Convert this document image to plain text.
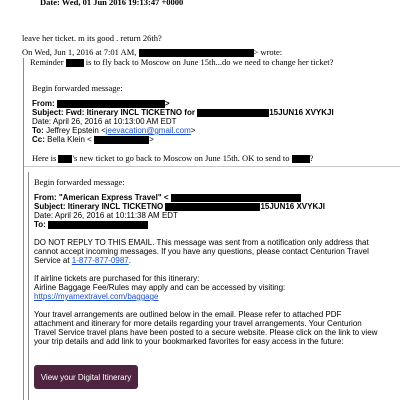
Date: Wed, 01 Jun 2016 19:13:47 +0000
leave her ticket. m its good . return 26th?
On Wed, Jun 1, 2016 at 7:01 AM,	> wrote:
Reminder	is to fly back to Moscow on June 15th...do we need to change her ticket?
Begin forwarded message:
From:	>
Subject: Fwd: Itinerary INCL TICKETNO for	15JUN16 XVYKJI
Date: April 26, 2016 at 10:13:00 AM EDT
To: Jeffrey Epstein <jeevacation@gmail.com>
Cc: Bella Klein <	>
Here is 's new ticket to go back to Moscow on June 15th. OK to send to ?
Begin forwarded message:
From: "American Express Travel" <
Subject: Itinerary INCL TICKETNO	15JUN16 XVYKJI
Date: April 26, 2016 at 10:11:38 AM EDT
To:
DO NOT REPLY TO THIS EMAIL. This message was sent from a notification only address that
cannot accept incoming messages. If you have any questions, please contact Centurion Travel
Service at 1-877-877-0987.
If airline tickets are purchased for this itinerary:
Airline Baggage Fee/Rules may apply and can be accessed by visiting:
https://myamextravel.com/baggage
Your travel arrangements are outlined below in the email. Please refer to attached PDF
attachment and itinerary for more details regarding your travel arrangements. Your Centurion
Travel Service travel plans have been posted to a secure website. Please click on the link to view
your trip details and add link to your bookmarked favorites for easy access in the future:
View your Digital Itinerary
